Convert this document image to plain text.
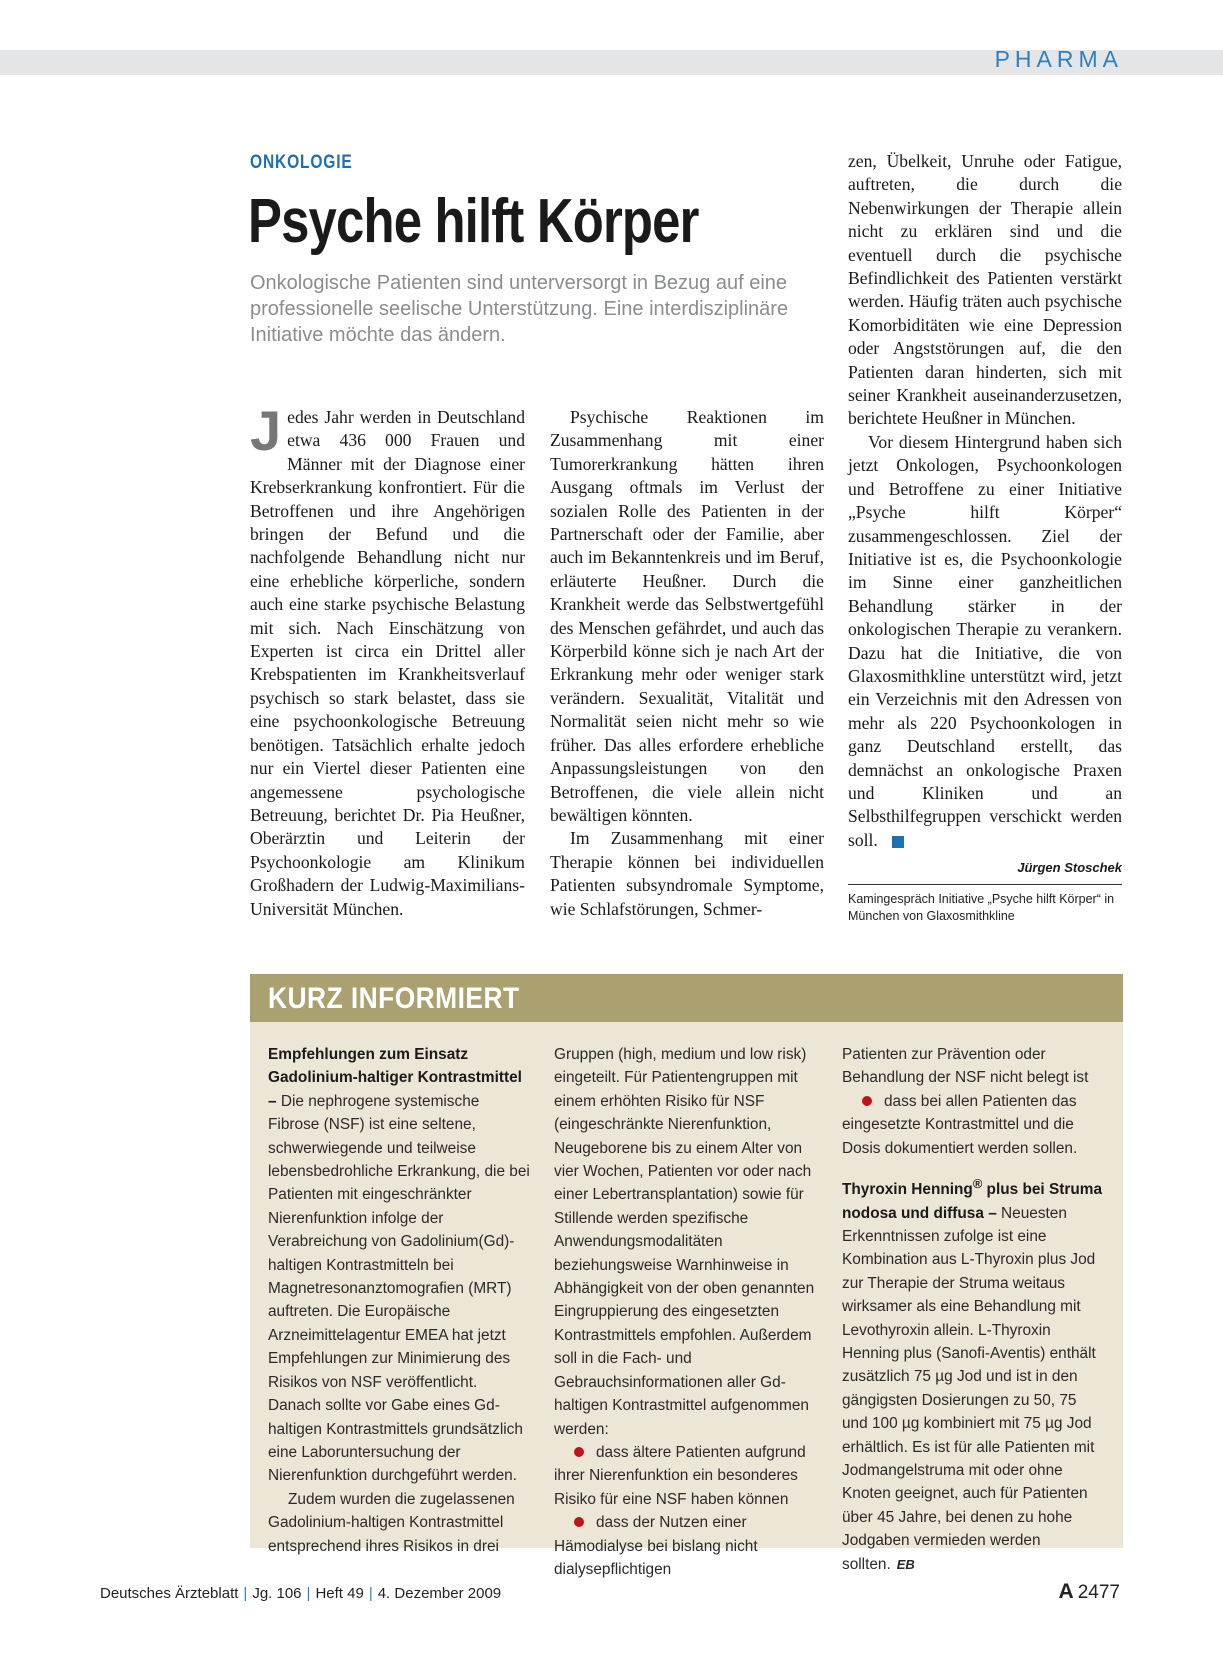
PHARMA
ONKOLOGIE
Psyche hilft Körper
Onkologische Patienten sind unterversorgt in Bezug auf eine professionelle seelische Unterstützung. Eine interdisziplinäre Initiative möchte das ändern.

Jedes Jahr werden in Deutschland etwa 436 000 Frauen und Männer mit der Diagnose einer Krebserkrankung konfrontiert. Für die Betroffenen und ihre Angehörigen bringen der Befund und die nachfolgende Behandlung nicht nur eine erhebliche körperliche, sondern auch eine starke psychische Belastung mit sich. Nach Einschätzung von Experten ist circa ein Drittel aller Krebspatienten im Krankheitsverlauf psychisch so stark belastet, dass sie eine psychoonkologische Betreuung benötigen. Tatsächlich erhalte jedoch nur ein Viertel dieser Patienten eine angemessene psychologische Betreuung, berichtet Dr. Pia Heußner, Oberärztin und Leiterin der Psychoonkologie am Klinikum Großhadern der Ludwig-Maximilians-Universität München.

Psychische Reaktionen im Zusammenhang mit einer Tumorerkrankung hätten ihren Ausgang oftmals im Verlust der sozialen Rolle des Patienten in der Partnerschaft oder der Familie, aber auch im Bekanntenkreis und im Beruf, erläuterte Heußner. Durch die Krankheit werde das Selbstwertgefühl des Menschen gefährdet, und auch das Körperbild könne sich je nach Art der Erkrankung mehr oder weniger stark verändern. Sexualität, Vitalität und Normalität seien nicht mehr so wie früher. Das alles erfordere erhebliche Anpassungsleistungen von den Betroffenen, die viele allein nicht bewältigen könnten.

Im Zusammenhang mit einer Therapie können bei individuellen Patienten subsyndromale Symptome, wie Schlafstörungen, Schmer-

zen, Übelkeit, Unruhe oder Fatigue, auftreten, die durch die Nebenwirkungen der Therapie allein nicht zu erklären sind und die eventuell durch die psychische Befindlichkeit des Patienten verstärkt werden. Häufig träten auch psychische Komorbiditäten wie eine Depression oder Angststörungen auf, die den Patienten daran hinderten, sich mit seiner Krankheit auseinanderzusetzen, berichtete Heußner in München.

Vor diesem Hintergrund haben sich jetzt Onkologen, Psychoonkologen und Betroffene zu einer Initiative „Psyche hilft Körper“ zusammengeschlossen. Ziel der Initiative ist es, die Psychoonkologie im Sinne einer ganzheitlichen Behandlung stärker in der onkologischen Therapie zu verankern. Dazu hat die Initiative, die von Glaxosmithkline unterstützt wird, jetzt ein Verzeichnis mit den Adressen von mehr als 220 Psychoonkologen in ganz Deutschland erstellt, das demnächst an onkologische Praxen und Kliniken und an Selbsthilfegruppen verschickt werden soll.

Jürgen Stoschek
Kamingespräch Initiative „Psyche hilft Körper“ in München von Glaxosmithkline
KURZ INFORMIERT

Empfehlungen zum Einsatz Gadolinium-haltiger Kontrastmittel – Die nephrogene systemische Fibrose (NSF) ist eine seltene, schwerwiegende und teilweise lebensbedrohliche Erkrankung, die bei Patienten mit eingeschränkter Nierenfunktion infolge der Verabreichung von Gadolinium(Gd)-haltigen Kontrastmitteln bei Magnetresonanztomografien (MRT) auftreten. Die Europäische Arzneimittelagentur EMEA hat jetzt Empfehlungen zur Minimierung des Risikos von NSF veröffentlicht. Danach sollte vor Gabe eines Gd-haltigen Kontrastmittels grundsätzlich eine Laboruntersuchung der Nierenfunktion durchgeführt werden.

Zudem wurden die zugelassenen Gadolinium-haltigen Kontrastmittel entsprechend ihres Risikos in drei

Gruppen (high, medium und low risk) eingeteilt. Für Patientengruppen mit einem erhöhten Risiko für NSF (eingeschränkte Nierenfunktion, Neugeborene bis zu einem Alter von vier Wochen, Patienten vor oder nach einer Lebertransplantation) sowie für Stillende werden spezifische Anwendungsmodalitäten beziehungsweise Warnhinweise in Abhängigkeit von der oben genannten Eingruppierung des eingesetzten Kontrastmittels empfohlen. Außerdem soll in die Fach- und Gebrauchsinformationen aller Gd-haltigen Kontrastmittel aufgenommen werden:

dass ältere Patienten aufgrund ihrer Nierenfunktion ein besonderes Risiko für eine NSF haben können

dass der Nutzen einer Hämodialyse bei bislang nicht dialysepflichtigen

Patienten zur Prävention oder Behandlung der NSF nicht belegt ist

dass bei allen Patienten das eingesetzte Kontrastmittel und die Dosis dokumentiert werden sollen.

Thyroxin Henning® plus bei Struma nodosa und diffusa – Neuesten Erkenntnissen zufolge ist eine Kombination aus L-Thyroxin plus Jod zur Therapie der Struma weitaus wirksamer als eine Behandlung mit Levothyroxin allein. L-Thyroxin Henning plus (Sanofi-Aventis) enthält zusätzlich 75 µg Jod und ist in den gängigsten Dosierungen zu 50, 75 und 100 µg kombiniert mit 75 µg Jod erhältlich. Es ist für alle Patienten mit Jodmangelstruma mit oder ohne Knoten geeignet, auch für Patienten über 45 Jahre, bei denen zu hohe Jodgaben vermieden werden sollten. EB

Deutsches Ärzteblatt | Jg. 106 | Heft 49 | 4. Dezember 2009	A 2477
